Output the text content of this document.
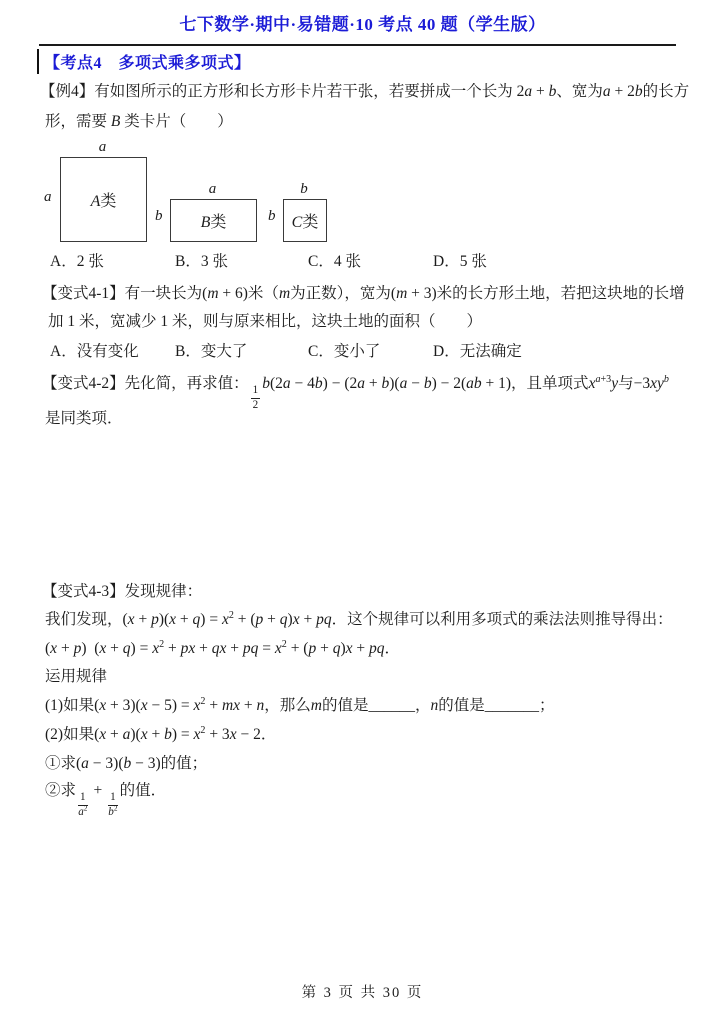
七下数学·期中·易错题·10 考点 40 题（学生版）
【考点4　多项式乘多项式】
【例4】有如图所示的正方形和长方形卡片若干张，若要拼成一个长为 2a + b、宽为a + 2b的长方
形，需要 B 类卡片（　　）
a
a A类
a
b B类
b
b C类
A．2 张	B．3 张	C．4 张	D．5 张
【变式4-1】有一块长为(m + 6)米（m为正数），宽为(m + 3)米的长方形土地，若把这块地的长增
加 1 米，宽减少 1 米，则与原来相比，这块土地的面积（　　）
A．没有变化 B．变大了	C．变小了	D．无法确定
【变式4-2】先化简，再求值：
$\frac{1}{2}$
b(2a − 4b) − (2a + b)(a − b) − 2(ab + 1)，且单项式$x^{a+3}y$与$-3xy^b$
是同类项．
【变式4-3】发现规律：
我们发现，$(x + p)(x + q) = x^2 + (p + q)x$ + pq．这个规律可以利用多项式的乘法法则推导得出：
(x + p)  $(x + q) = x^2$ + px + qx + pq = $x^2 + (p + q)x$ + pq．
运用规律
(1)如果$(x + 3)(x - 5) = x^2$ + mx + n，那么m的值是______，n的值是_______；
(2)如果$(x + a)(x + b) = x^2 + 3x - 2$．
①求(a − 3)(b − 3)的值；
②求
$\frac{1}{a^2}$
+
$\frac{1}{b^2}$
的值．
第 3 页 共 30 页
